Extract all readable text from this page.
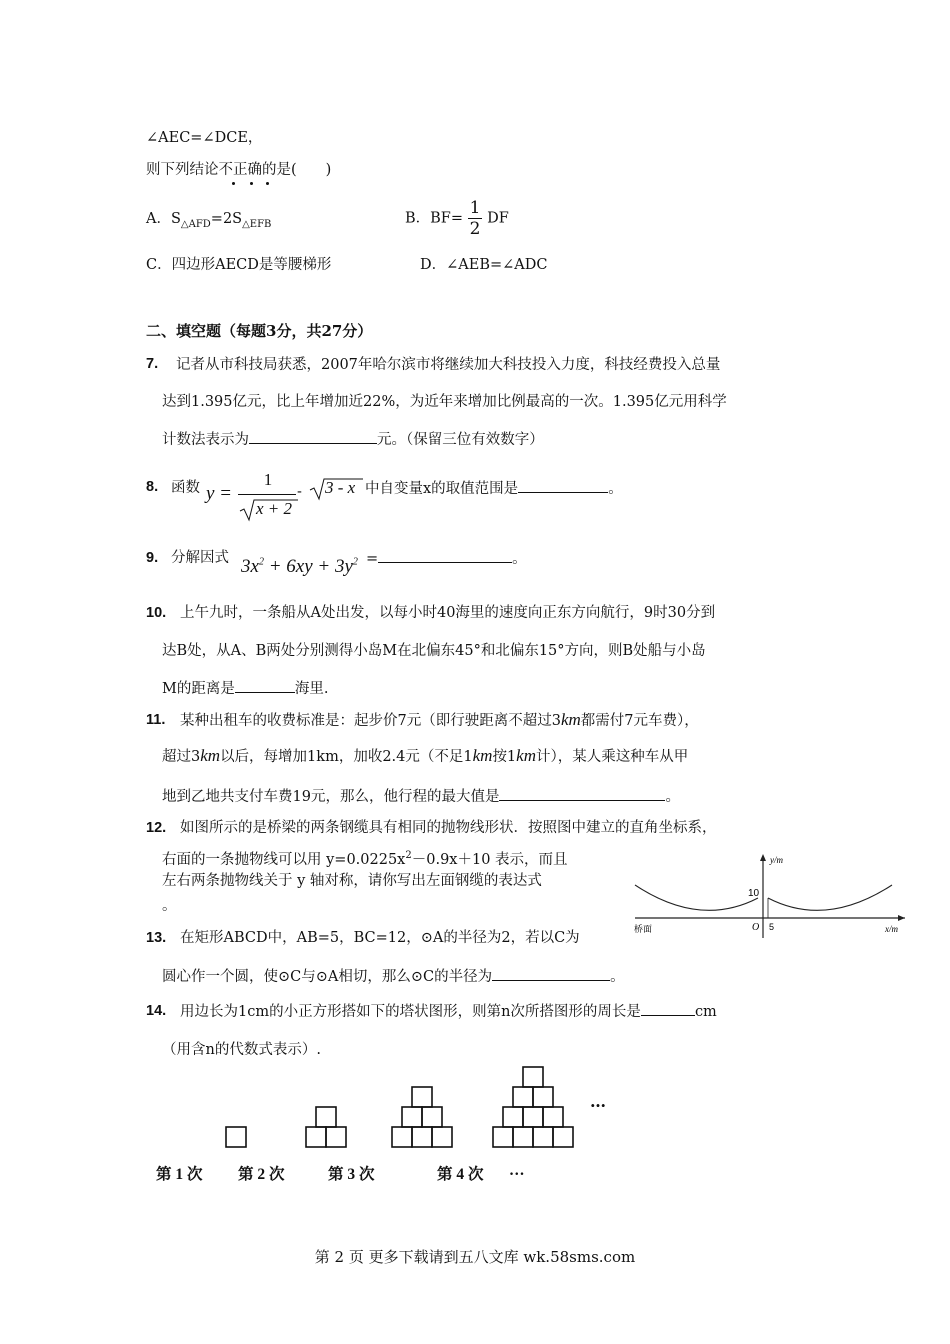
∠AEC=∠DCE，
则下列结论不正确的是(　　)
A．$S_{\triangle AFD}=2S_{\triangle EFB}$	B．$BF= \frac{1}{2}$ DF
C．四边形AECD是等腰梯形	D．∠AEB=∠ADC
二、填空题（每题3分，共27分）
7. 记者从市科技局获悉，2007年哈尔滨市将继续加大科技投入力度，科技经费投入总量
达到1.395亿元，比上年增加近22%，为近年来增加比例最高的一次。1.395亿元用科学
计数法表示为	元。（保留三位有效数字）
8. 函数 y =
1
x + 2
- 3 - x 中自变量x的取值范围是	。
9. 分解因式 $3x^2 + 6xy + 3y^2$ =	。
10. 上午九时，一条船从A处出发，以每小时40海里的速度向正东方向航行，9时30分到
达B处，从A、B两处分别测得小岛M在北偏东45°和北偏东15°方向，则B处船与小岛
M的距离是	海里.
11. 某种出租车的收费标准是：起步价7元（即行驶距离不超过3km都需付7元车费），
超过3km以后，每增加1km，加收2.4元（不足1km按1km计），某人乘这种车从甲
地到乙地共支付车费19元，那么，他行程的最大值是	。
12. 如图所示的是桥梁的两条钢缆具有相同的抛物线形状．按照图中建立的直角坐标系，
右面的一条抛物线可以用 $y=0.0225x^2-0.9x+10$ 表示，而且
左右两条抛物线关于 y 轴对称，请你写出左面钢缆的表达式
。
y/m
10
O 5	x/m
桥面
13. 在矩形ABCD中，AB=5，BC=12，⊙A的半径为2，若以C为
圆心作一个圆，使⊙C与⊙A相切，那么⊙C的半径为	。
14. 用边长为1cm的小正方形搭如下的塔状图形，则第n次所搭图形的周长是	cm
（用含n的代数式表示）.
…
第 1 次 第 2 次	第 3 次	第 4 次 …
第 2 页 更多下载请到五八文库 wk.58sms.com
